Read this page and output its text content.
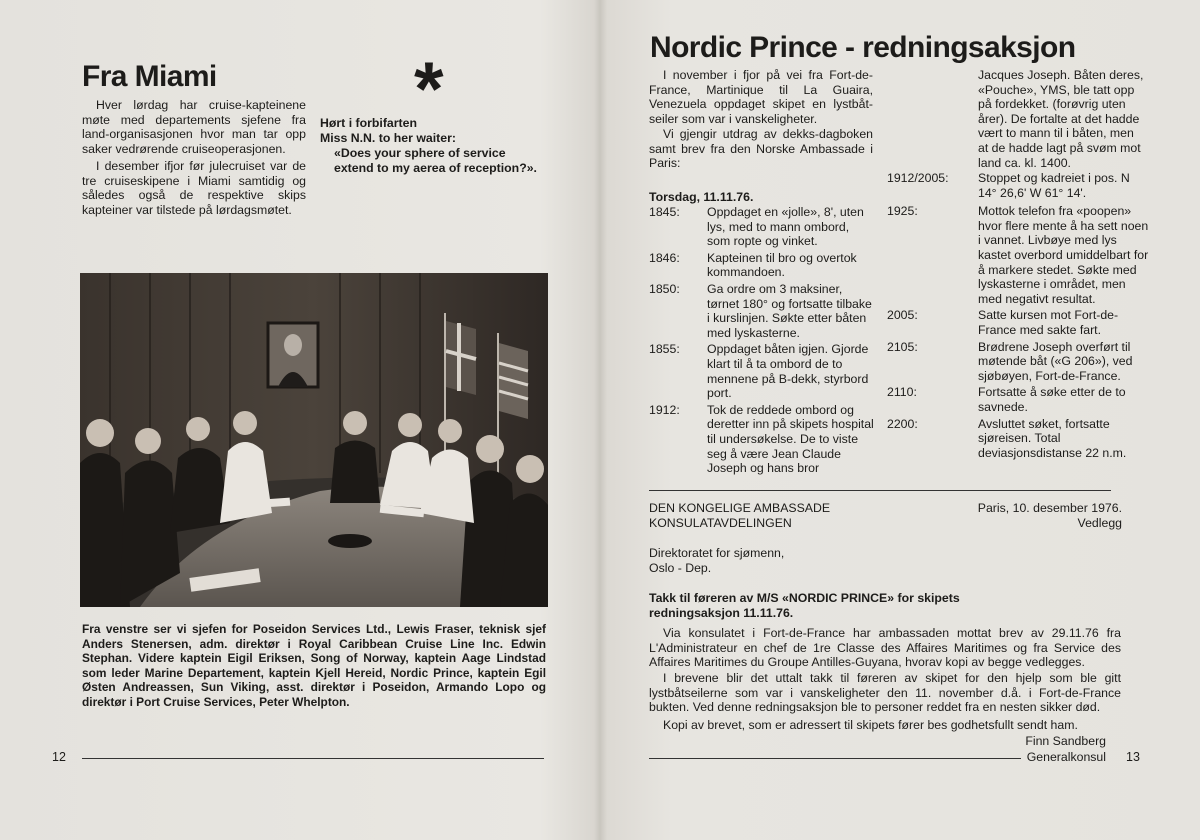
Fra Miami

Hver lørdag har cruise-kapteinene møte med departements sjefene fra land-organisasjonen hvor man tar opp saker vedrørende cruiseoperasjonen.

I desember ifjor før julecruiset var de tre cruiseskipene i Miami samtidig og således også de respektive skips kapteiner var tilstede på lørdagsmøtet.

*
Hørt i forbifarten
Miss N.N. to her waiter:

«Does your sphere of service extend to my aerea of reception?».

Fra venstre ser vi sjefen for Poseidon Services Ltd., Lewis Fraser, teknisk sjef Anders Stenersen, adm. direktør i Royal Caribbean Cruise Line Inc. Edwin Stephan. Videre kaptein Eigil Eriksen, Song of Norway, kaptein Aage Lindstad som leder Marine Departement, kaptein Kjell Hereid, Nordic Prince, kaptein Egil Østen Andreassen, Sun Viking, asst. direktør i Poseidon, Armando Lopo og direktør i Port Cruise Services, Peter Whelpton.

12
Nordic Prince - redningsaksjon

I november i fjor på vei fra Fort-de-France, Martinique til La Guaira, Venezuela oppdaget skipet en lystbåt-seiler som var i vanskeligheter.

Vi gjengir utdrag av dekks-dagboken samt brev fra den Norske Ambassade i Paris:

Torsdag, 11.11.76.
1845:	Oppdaget en «jolle», 8', uten lys, med to mann ombord, som ropte og vinket.
1846:	Kapteinen til bro og overtok kommandoen.
1850:	Ga ordre om 3 maksiner, tørnet 180° og fortsatte tilbake i kurslinjen. Søkte etter båten med lyskasterne.
1855:	Oppdaget båten igjen. Gjorde klart til å ta ombord de to mennene på B-dekk, styrbord port.
1912:	Tok de reddede ombord og deretter inn på skipets hospital til undersøkelse. De to viste seg å være Jean Claude Joseph og hans bror

Jacques Joseph. Båten deres, «Pouche», YMS, ble tatt opp på fordekket. (forøvrig uten årer). De fortalte at det hadde vært to mann til i båten, men at de hadde lagt på svøm mot land ca. kl. 1400.

1912/2005:	Stoppet og kadreiet i pos. N 14° 26,6' W 61° 14'.
1925:	Mottok telefon fra «poopen» hvor flere mente å ha sett noen i vannet. Livbøye med lys kastet overbord umiddelbart for å markere stedet. Søkte med lyskasterne i området, men med negativt resultat.
2005:	Satte kursen mot Fort-de-France med sakte fart.
2105:	Brødrene Joseph overført til møtende båt («G 206»), ved sjøbøyen, Fort-de-France.
2110:	Fortsatte å søke etter de to savnede.
2200:	Avsluttet søket, fortsatte sjøreisen. Total deviasjonsdistanse 22 n.m.
DEN KONGELIGE AMBASSADE
KONSULATAVDELINGEN
Paris, 10. desember 1976.
Vedlegg
Direktoratet for sjømenn,
Oslo - Dep.

Takk til føreren av M/S «NORDIC PRINCE» for skipets redningsaksjon 11.11.76.

Via konsulatet i Fort-de-France har ambassaden mottat brev av 29.11.76 fra L'Administrateur en chef de 1re Classe des Affaires Maritimes og fra Service des Affaires Maritimes du Groupe Antilles-Guyana, hvorav kopi av begge vedlegges.

I brevene blir det uttalt takk til føreren av skipet for den hjelp som ble gitt lystbåtseilerne som var i vanskeligheter den 11. november d.å. i Fort-de-France bukten. Ved denne redningsaksjon ble to personer reddet fra en nesten sikker død.

Kopi av brevet, som er adressert til skipets fører bes godhetsfullt sendt ham.

Finn Sandberg
Generalkonsul 13
